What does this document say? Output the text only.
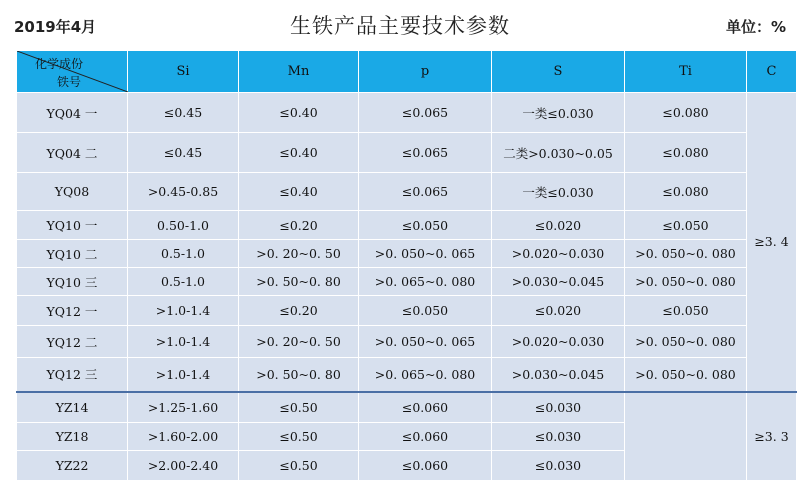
2019年4月	生铁产品主要技术参数	单位：%
化学成份
铁号	Si	Mn	p	S	Ti	C
YQ04 一	≤0.45	≤0.40	≤0.065	一类≤0.030	≤0.080	≥3. 4
YQ04 二	≤0.45	≤0.40	≤0.065	二类>0.030~0.05	≤0.080	
YQ08	>0.45-0.85	≤0.40	≤0.065	一类≤0.030	≤0.080	
YQ10 一	0.50-1.0	≤0.20	≤0.050	≤0.020	≤0.050	
YQ10 二	0.5-1.0	>0. 20~0. 50	>0. 050~0. 065	>0.020~0.030	>0. 050~0. 080	
YQ10 三	0.5-1.0	>0. 50~0. 80	>0. 065~0. 080	>0.030~0.045	>0. 050~0. 080	
YQ12 一	>1.0-1.4	≤0.20	≤0.050	≤0.020	≤0.050	
YQ12 二	>1.0-1.4	>0. 20~0. 50	>0. 050~0. 065	>0.020~0.030	>0. 050~0. 080	
YQ12 三	>1.0-1.4	>0. 50~0. 80	>0. 065~0. 080	>0.030~0.045	>0. 050~0. 080	
YZ14	>1.25-1.60	≤0.50	≤0.060	≤0.030		≥3. 3
YZ18	>1.60-2.00	≤0.50	≤0.060	≤0.030		
YZ22	>2.00-2.40	≤0.50	≤0.060	≤0.030		
